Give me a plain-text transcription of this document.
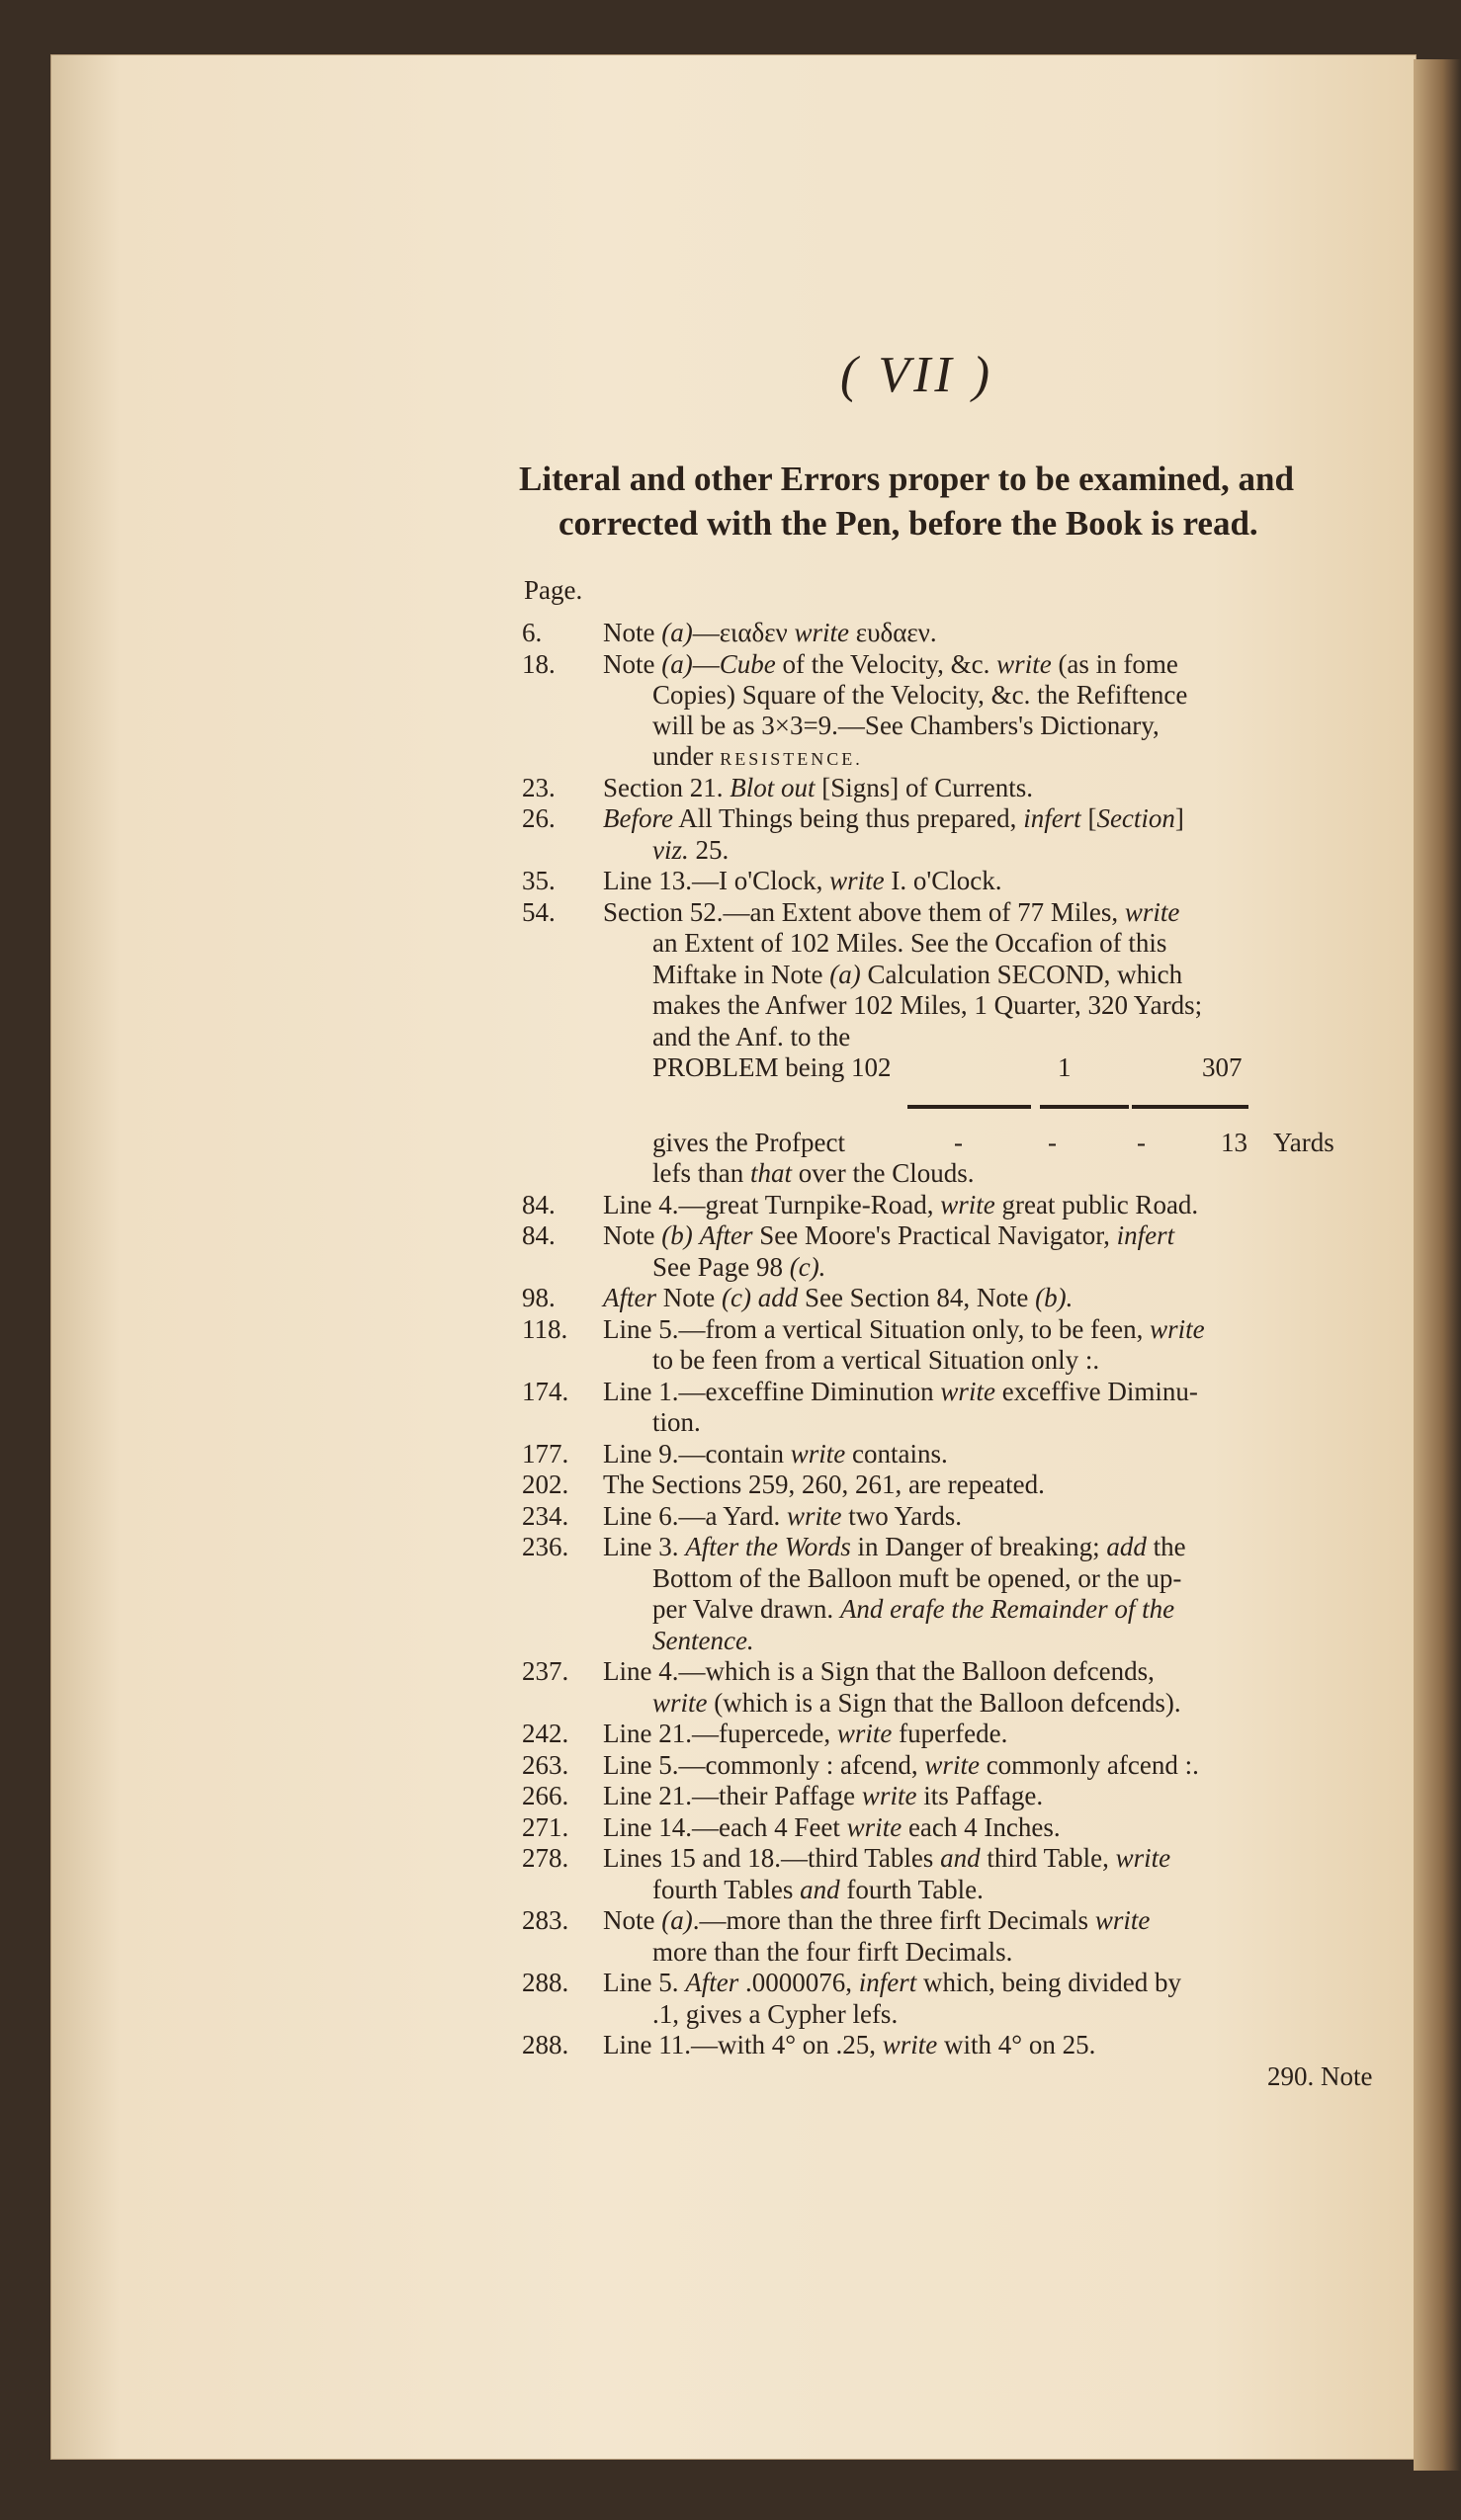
( VII )
Literal and other Errors proper to be examined, and
corrected with the Pen, before the Book is read.
Page.
6. Note (a)—ειαδεν write ευδαεν.
18. Note (a)—Cube of the Velocity, &c. write (as in fome
Copies) Square of the Velocity, &c. the Refiftence
will be as 3×3=9.—See Chambers's Dictionary,
under RESISTENCE.
23. Section 21. Blot out [Signs] of Currents.
26. Before All Things being thus prepared, infert [Section]
viz. 25.
35. Line 13.—I o'Clock, write I. o'Clock.
54. Section 52.—an Extent above them of 77 Miles, write
an Extent of 102 Miles. See the Occafion of this
Miftake in Note (a) Calculation SECOND, which
makes the Anfwer 102 Miles, 1 Quarter, 320 Yards;
and the Anf. to the
PROBLEM being 102	1	307
gives the Profpect	-	-	-	13 Yards
lefs than that over the Clouds.
84. Line 4.—great Turnpike-Road, write great public Road.
84. Note (b) After See Moore's Practical Navigator, infert
See Page 98 (c).
98. After Note (c) add See Section 84, Note (b).
118. Line 5.—from a vertical Situation only, to be feen, write
to be feen from a vertical Situation only :.
174. Line 1.—exceffine Diminution write exceffive Diminu-
tion.
177. Line 9.—contain write contains.
202. The Sections 259, 260, 261, are repeated.
234. Line 6.—a Yard. write two Yards.
236. Line 3. After the Words in Danger of breaking; add the
Bottom of the Balloon muft be opened, or the up-
per Valve drawn. And erafe the Remainder of the
Sentence.
237. Line 4.—which is a Sign that the Balloon defcends,
write (which is a Sign that the Balloon defcends).
242. Line 21.—fupercede, write fuperfede.
263. Line 5.—commonly : afcend, write commonly afcend :.
266. Line 21.—their Paffage write its Paffage.
271. Line 14.—each 4 Feet write each 4 Inches.
278. Lines 15 and 18.—third Tables and third Table, write
fourth Tables and fourth Table.
283. Note (a).—more than the three firft Decimals write
more than the four firft Decimals.
288. Line 5. After .0000076, infert which, being divided by
.1, gives a Cypher lefs.
288. Line 11.—with 4° on .25, write with 4° on 25.
290. Note
